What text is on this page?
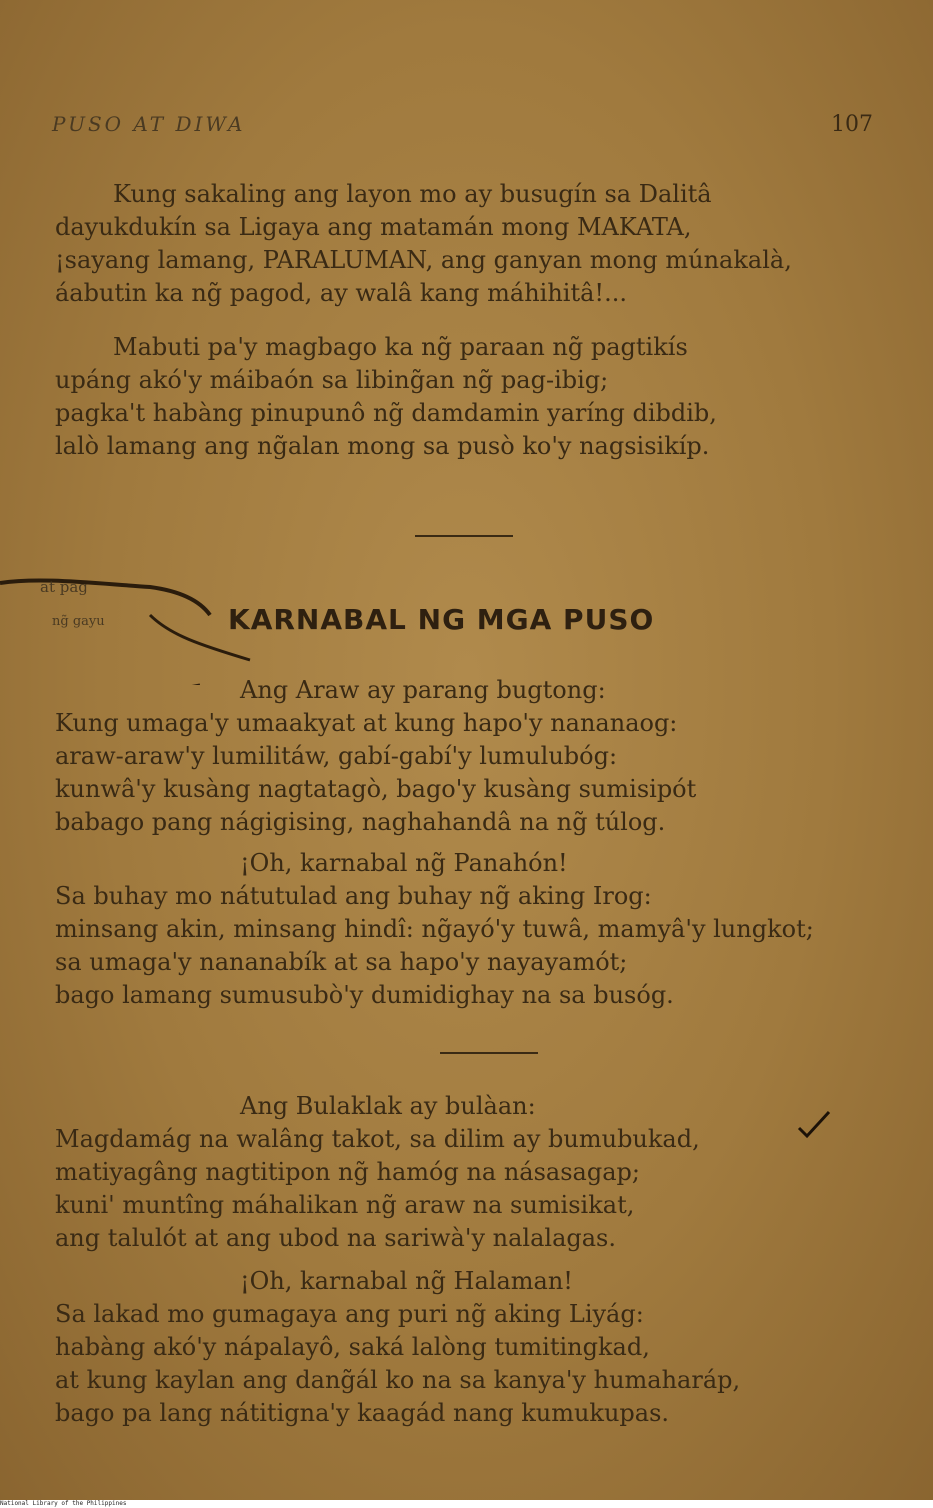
PUSO AT DIWA	107
Kung sakaling ang layon mo ay busugín sa Dalitâ
dayukdukín sa Ligaya ang matamán mong MAKATA,
¡sayang lamang, PARALUMAN, ang ganyan mong múnakalà,
áabutin ka ng̃ pagod, ay walâ kang máhihitâ!...
Mabuti pa'y magbago ka ng̃ paraan ng̃ pagtikís
upáng akó'y máibaón sa libing̃an ng̃ pag-ibig;
pagka't habàng pinupunô ng̃ damdamin yaríng dibdib,
lalò lamang ang ng̃alan mong sa pusò ko'y nagsisikíp.
at pag
ng̃ gayu	KARNABAL NG MGA PUSO
Ang Araw ay parang bugtong:
Kung umaga'y umaakyat at kung hapo'y nananaog:
araw-araw'y lumilitáw, gabí-gabí'y lumulubóg:
kunwâ'y kusàng nagtatagò, bago'y kusàng sumisipót
babago pang nágigising, naghahandâ na ng̃ túlog.
¡Oh, karnabal ng̃ Panahón!
Sa buhay mo nátutulad ang buhay ng̃ aking Irog:
minsang akin, minsang hindî: ng̃ayó'y tuwâ, mamyâ'y lungkot;
sa umaga'y nananabík at sa hapo'y nayayamót;
bago lamang sumusubò'y dumidighay na sa busóg.
Ang Bulaklak ay bulàan:
Magdamág na walâng takot, sa dilim ay bumubukad,
matiyagâng nagtitipon ng̃ hamóg na násasagap;
kuni' muntîng máhalikan ng̃ araw na sumisikat,
ang talulót at ang ubod na sariwà'y nalalagas.
¡Oh, karnabal ng̃ Halaman!
Sa lakad mo gumagaya ang puri ng̃ aking Liyág:
habàng akó'y nápalayô, saká lalòng tumitingkad,
at kung kaylan ang dang̃ál ko na sa kanya'y humaharáp,
bago pa lang nátitigna'y kaagád nang kumukupas.
National Library of the Philippines
